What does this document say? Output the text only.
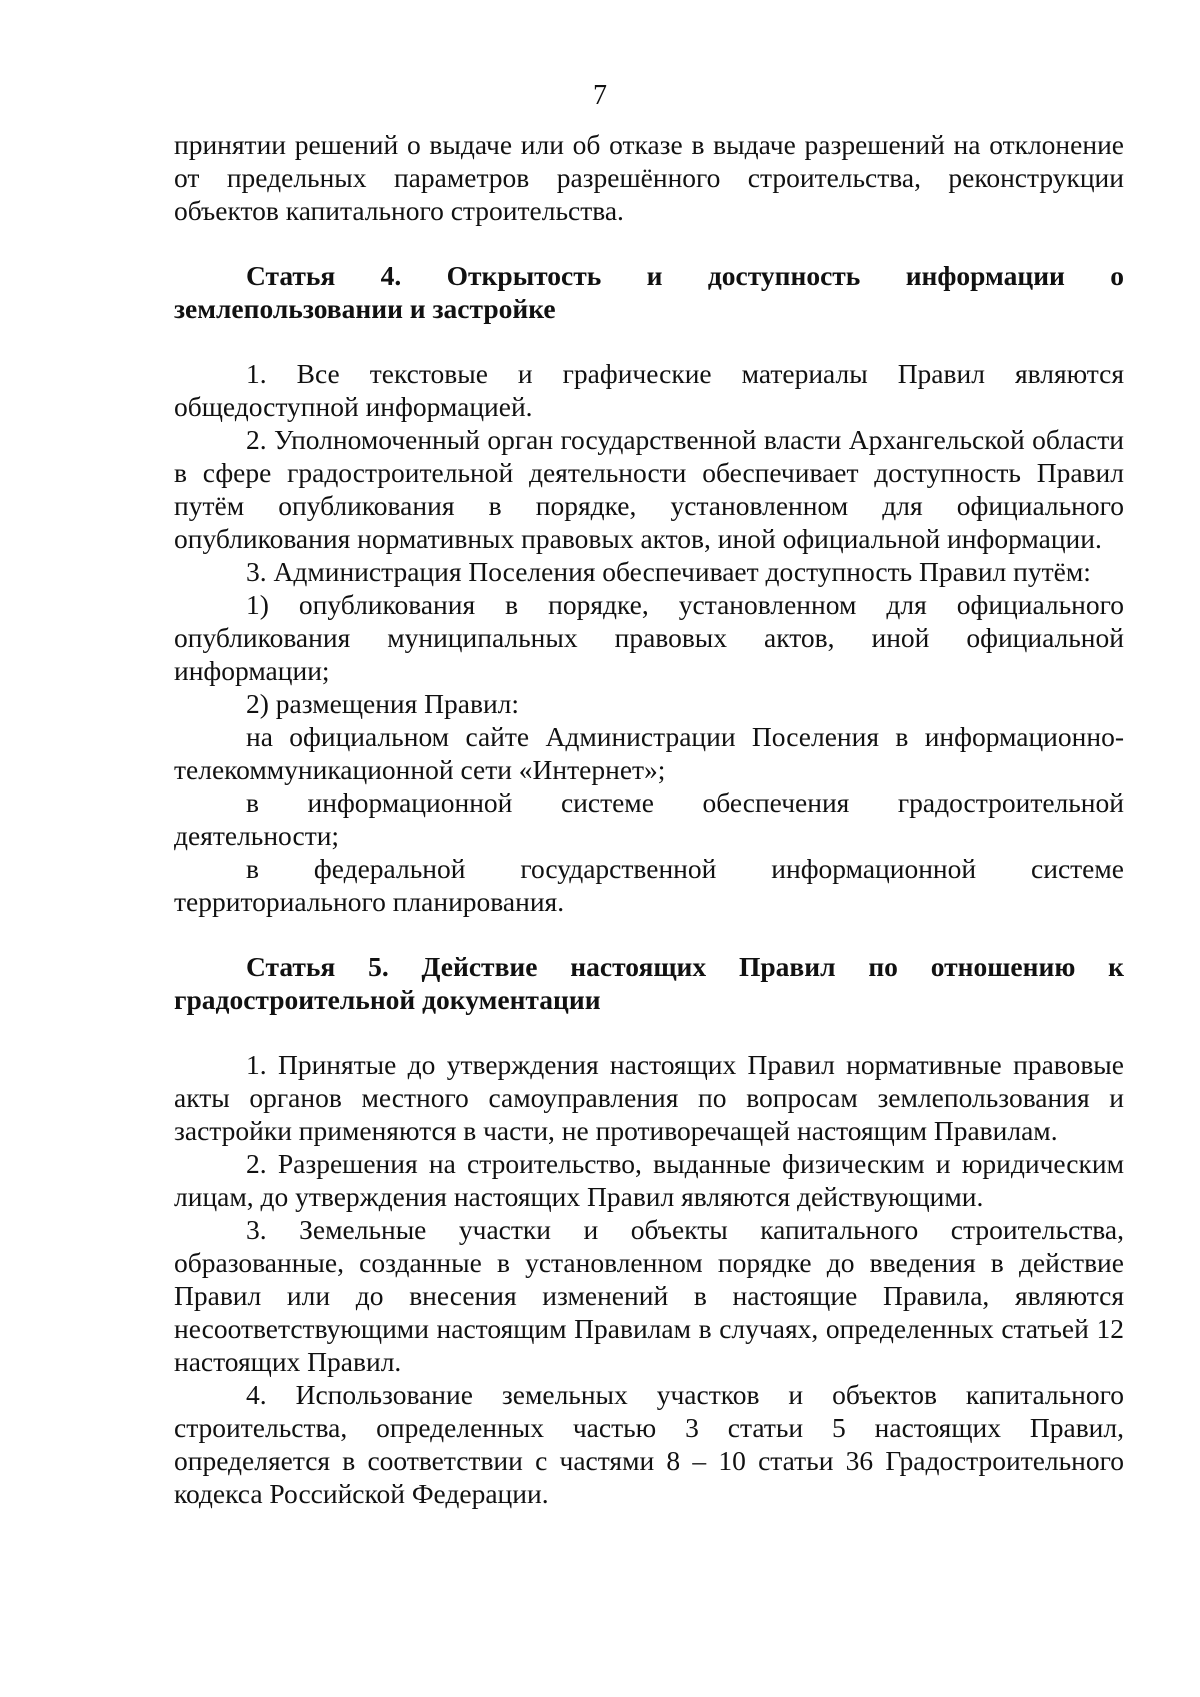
7

принятии решений о выдаче или об отказе в выдаче разрешений на отклонение от предельных параметров разрешённого строительства, реконструкции объектов капитального строительства.

Статья 4. Открытость и доступность информации о землепользовании и застройке

1. Все текстовые и графические материалы Правил являются общедоступной информацией.

2. Уполномоченный орган государственной власти Архангельской области в сфере градостроительной деятельности обеспечивает доступность Правил путём опубликования в порядке, установленном для официального опубликования нормативных правовых актов, иной официальной информации.

3. Администрация Поселения обеспечивает доступность Правил путём:

1) опубликования в порядке, установленном для официального опубликования муниципальных правовых актов, иной официальной информации;

2) размещения Правил:

на официальном сайте Администрации Поселения в информационно-телекоммуникационной сети «Интернет»;

в информационной системе обеспечения градостроительной деятельности;

в федеральной государственной информационной системе территориального планирования.

Статья 5. Действие настоящих Правил по отношению к градостроительной документации

1. Принятые до утверждения настоящих Правил нормативные правовые акты органов местного самоуправления по вопросам землепользования и застройки применяются в части, не противоречащей настоящим Правилам.

2. Разрешения на строительство, выданные физическим и юридическим лицам, до утверждения настоящих Правил являются действующими.

3. Земельные участки и объекты капитального строительства, образованные, созданные в установленном порядке до введения в действие Правил или до внесения изменений в настоящие Правила, являются несоответствующими настоящим Правилам в случаях, определенных статьей 12 настоящих Правил.

4. Использование земельных участков и объектов капитального строительства, определенных частью 3 статьи 5 настоящих Правил, определяется в соответствии с частями 8 – 10 статьи 36 Градостроительного кодекса Российской Федерации.
